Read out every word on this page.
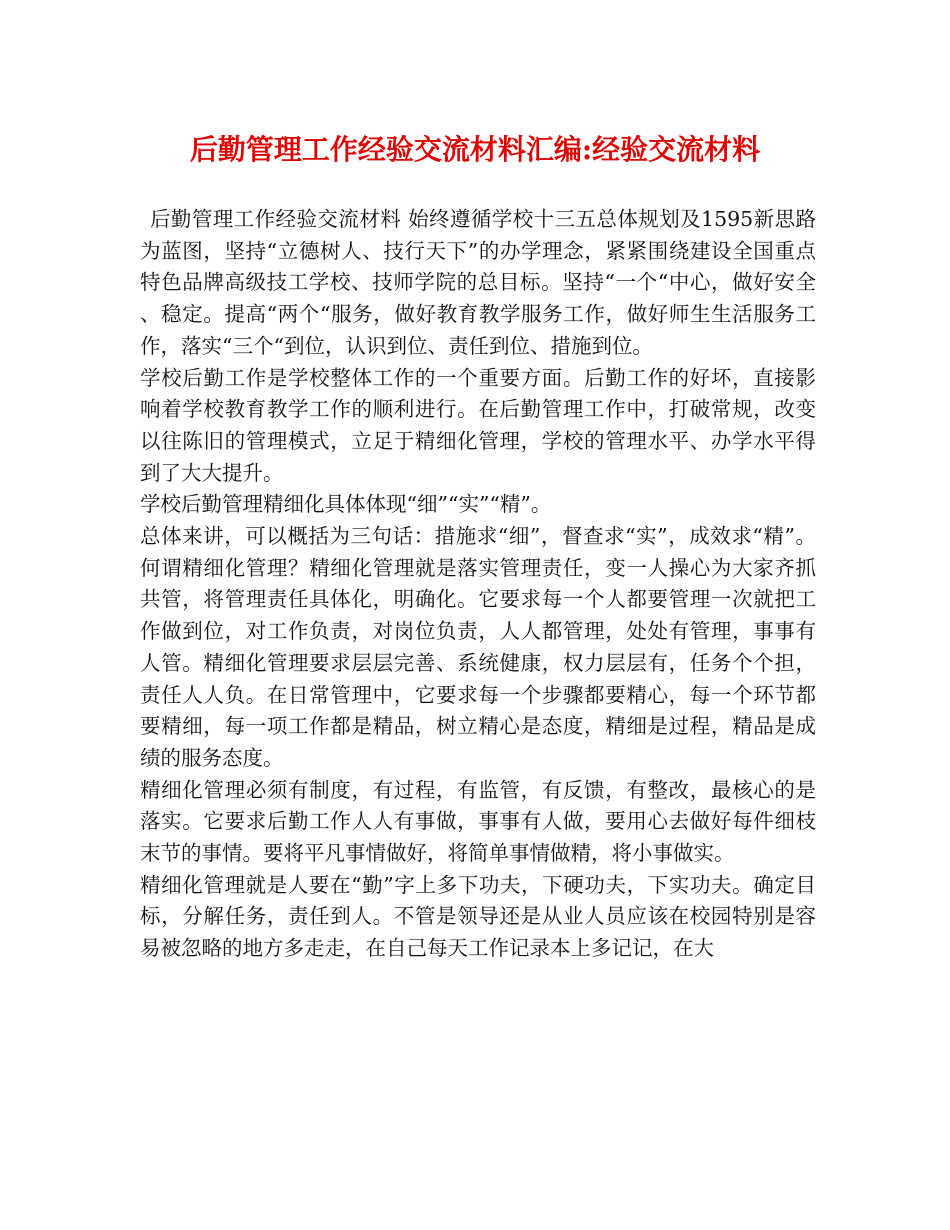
后勤管理工作经验交流材料汇编:经验交流材料

后勤管理工作经验交流材料 始终遵循学校十三五总体规划及1595新思路为蓝图，坚持“立德树人、技行天下”的办学理念，紧紧围绕建设全国重点特色品牌高级技工学校、技师学院的总目标。坚持“一个“中心，做好安全、稳定。提高“两个“服务，做好教育教学服务工作，做好师生生活服务工作，落实“三个“到位，认识到位、责任到位、措施到位。

学校后勤工作是学校整体工作的一个重要方面。后勤工作的好坏，直接影响着学校教育教学工作的顺利进行。在后勤管理工作中，打破常规，改变以往陈旧的管理模式，立足于精细化管理，学校的管理水平、办学水平得到了大大提升。

学校后勤管理精细化具体体现“细”“实”“精”。

总体来讲，可以概括为三句话：措施求“细”，督查求“实”，成效求“精”。何谓精细化管理？精细化管理就是落实管理责任，变一人操心为大家齐抓共管，将管理责任具体化，明确化。它要求每一个人都要管理一次就把工作做到位，对工作负责，对岗位负责，人人都管理，处处有管理，事事有人管。精细化管理要求层层完善、系统健康，权力层层有，任务个个担，责任人人负。在日常管理中，它要求每一个步骤都要精心，每一个环节都要精细，每一项工作都是精品，树立精心是态度，精细是过程，精品是成绩的服务态度。

精细化管理必须有制度，有过程，有监管，有反馈，有整改，最核心的是落实。它要求后勤工作人人有事做，事事有人做，要用心去做好每件细枝末节的事情。要将平凡事情做好，将简单事情做精，将小事做实。

精细化管理就是人要在“勤”字上多下功夫，下硬功夫，下实功夫。确定目标，分解任务，责任到人。不管是领导还是从业人员应该在校园特别是容易被忽略的地方多走走，在自己每天工作记录本上多记记，在大
